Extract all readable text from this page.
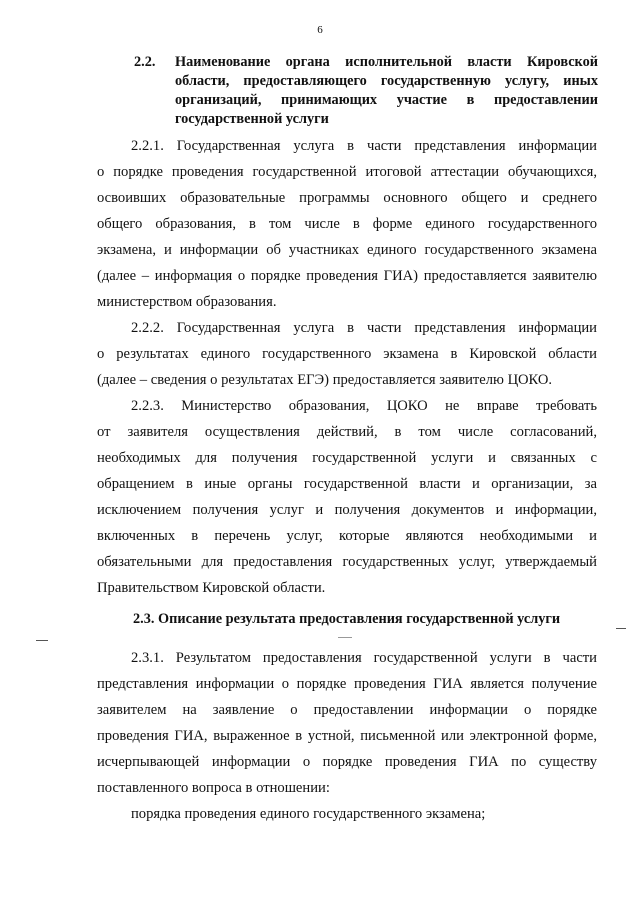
6
2.2. Наименование органа исполнительной власти Кировской
области, предоставляющего государственную услугу, иных
организаций, принимающих участие в предоставлении
государственной услуги
2.2.1. Государственная услуга в части представления информации
о порядке проведения государственной итоговой аттестации обучающихся,
освоивших образовательные программы основного общего и среднего
общего образования, в том числе в форме единого государственного
экзамена, и информации об участниках единого государственного экзамена
(далее – информация о порядке проведения ГИА) предоставляется заявителю
министерством образования.
2.2.2. Государственная услуга в части представления информации
о результатах единого государственного экзамена в Кировской области
(далее – сведения о результатах ЕГЭ) предоставляется заявителю ЦОКО.
2.2.3. Министерство образования, ЦОКО не вправе требовать
от заявителя осуществления действий, в том числе согласований,
необходимых для получения государственной услуги и связанных с
обращением в иные органы государственной власти и организации, за
исключением получения услуг и получения документов и информации,
включенных в перечень услуг, которые являются необходимыми и
обязательными для предоставления государственных услуг, утверждаемый
Правительством Кировской области.
2.3. Описание результата предоставления государственной услуги
2.3.1. Результатом предоставления государственной услуги в части
представления информации о порядке проведения ГИА является получение
заявителем на заявление о предоставлении информации о порядке
проведения ГИА, выраженное в устной, письменной или электронной форме,
исчерпывающей информации о порядке проведения ГИА по существу
поставленного вопроса в отношении:
порядка проведения единого государственного экзамена;
